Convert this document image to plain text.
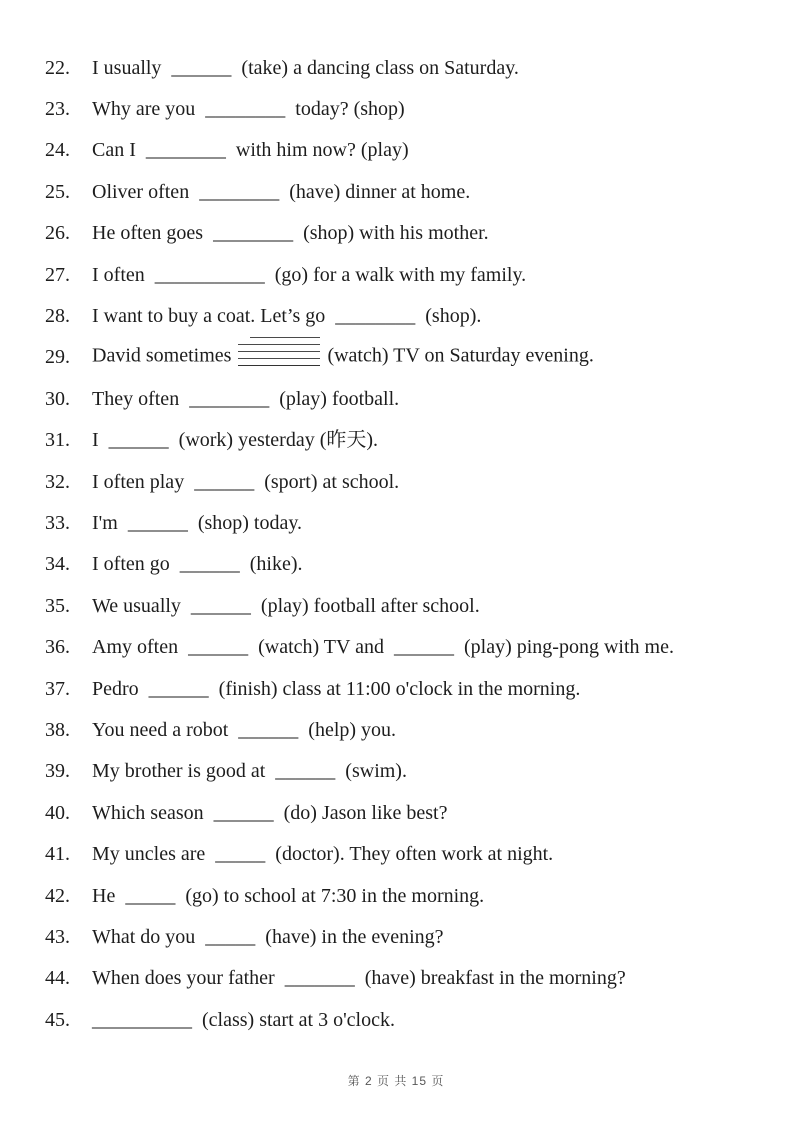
22.	I usually  ______  (take) a dancing class on Saturday.
23.	Why are you  ________  today? (shop)
24.	Can I  ________  with him now? (play)
25.	Oliver often  ________  (have) dinner at home.
26.	He often goes  ________  (shop) with his mother.
27.	I often  ___________  (go) for a walk with my family.
28.	I want to buy a coat. Let’s go  ________  (shop).
29.	David sometimes	(watch) TV on Saturday evening.
30.	They often  ________  (play) football.
31.	I  ______  (work) yesterday (昨天).
32.	I often play  ______  (sport) at school.
33.	I'm  ______  (shop) today.
34.	I often go  ______  (hike).
35.	We usually  ______  (play) football after school.
36.	Amy often  ______  (watch) TV and  ______  (play) ping-pong with me.
37.	Pedro  ______  (finish) class at 11:00 o'clock in the morning.
38.	You need a robot  ______  (help) you.
39.	My brother is good at  ______  (swim).
40.	Which season  ______  (do) Jason like best?
41.	My uncles are  _____  (doctor). They often work at night.
42.	He  _____  (go) to school at 7:30 in the morning.
43.	What do you  _____  (have) in the evening?
44.	When does your father  _______  (have) breakfast in the morning?
45.	__________  (class) start at 3 o'clock.
第 2 页 共 15 页
